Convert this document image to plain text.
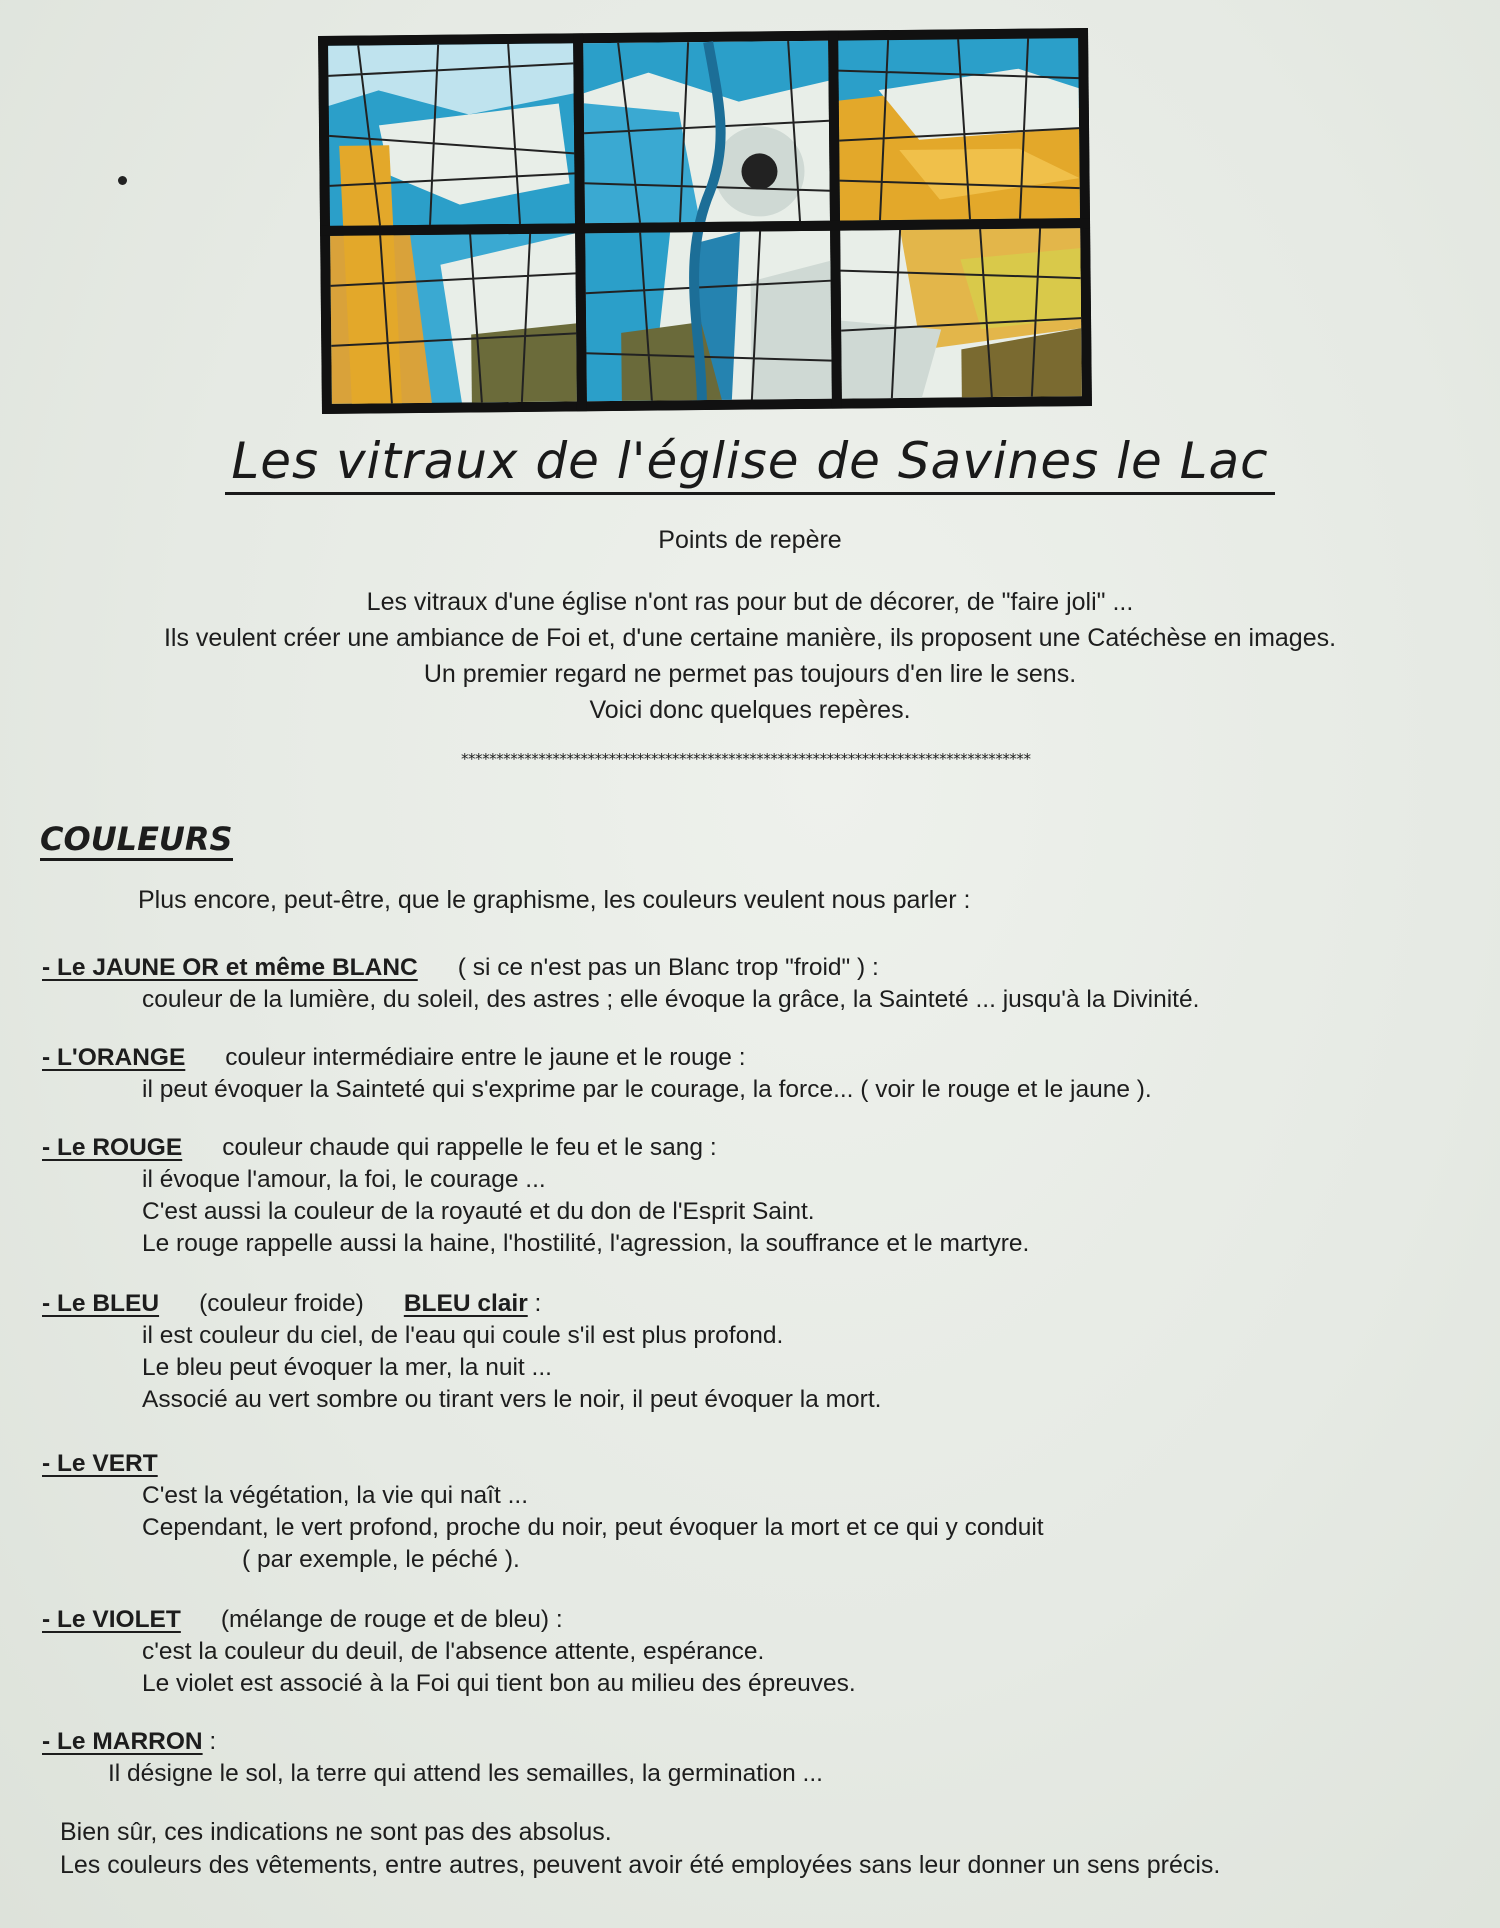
Les vitraux de l'église de Savines le Lac
Points de repère
Les vitraux d'une église n'ont ras pour but de décorer, de "faire joli" ...
Ils veulent créer une ambiance de Foi et, d'une certaine manière, ils proposent une Catéchèse en images.
Un premier regard ne permet pas toujours d'en lire le sens.
Voici donc quelques repères.
*********************************************************************************
COULEURS
Plus encore, peut-être, que le graphisme, les couleurs veulent nous parler :
- Le JAUNE OR et même BLANC ( si ce n'est pas un Blanc trop "froid" ) :
couleur de la lumière, du soleil, des astres ; elle évoque la grâce, la Sainteté ... jusqu'à la Divinité.
- L'ORANGE couleur intermédiaire entre le jaune et le rouge :
il peut évoquer la Sainteté qui s'exprime par le courage, la force... ( voir le rouge et le jaune ).
- Le ROUGE couleur chaude qui rappelle le feu et le sang :
il évoque l'amour, la foi, le courage ...
C'est aussi la couleur de la royauté et du don de l'Esprit Saint.
Le rouge rappelle aussi la haine, l'hostilité, l'agression, la souffrance et le martyre.
- Le BLEU (couleur froide) BLEU clair :
il est couleur du ciel, de l'eau qui coule s'il est plus profond.
Le bleu peut évoquer la mer, la nuit ...
Associé au vert sombre ou tirant vers le noir, il peut évoquer la mort.
- Le VERT
C'est la végétation, la vie qui naît ...
Cependant, le vert profond, proche du noir, peut évoquer la mort et ce qui y conduit
( par exemple, le péché ).
- Le VIOLET (mélange de rouge et de bleu) :
c'est la couleur du deuil, de l'absence attente, espérance.
Le violet est associé à la Foi qui tient bon au milieu des épreuves.
- Le MARRON :
Il désigne le sol, la terre qui attend les semailles, la germination ...
Bien sûr, ces indications ne sont pas des absolus.
Les couleurs des vêtements, entre autres, peuvent avoir été employées sans leur donner un sens précis.
